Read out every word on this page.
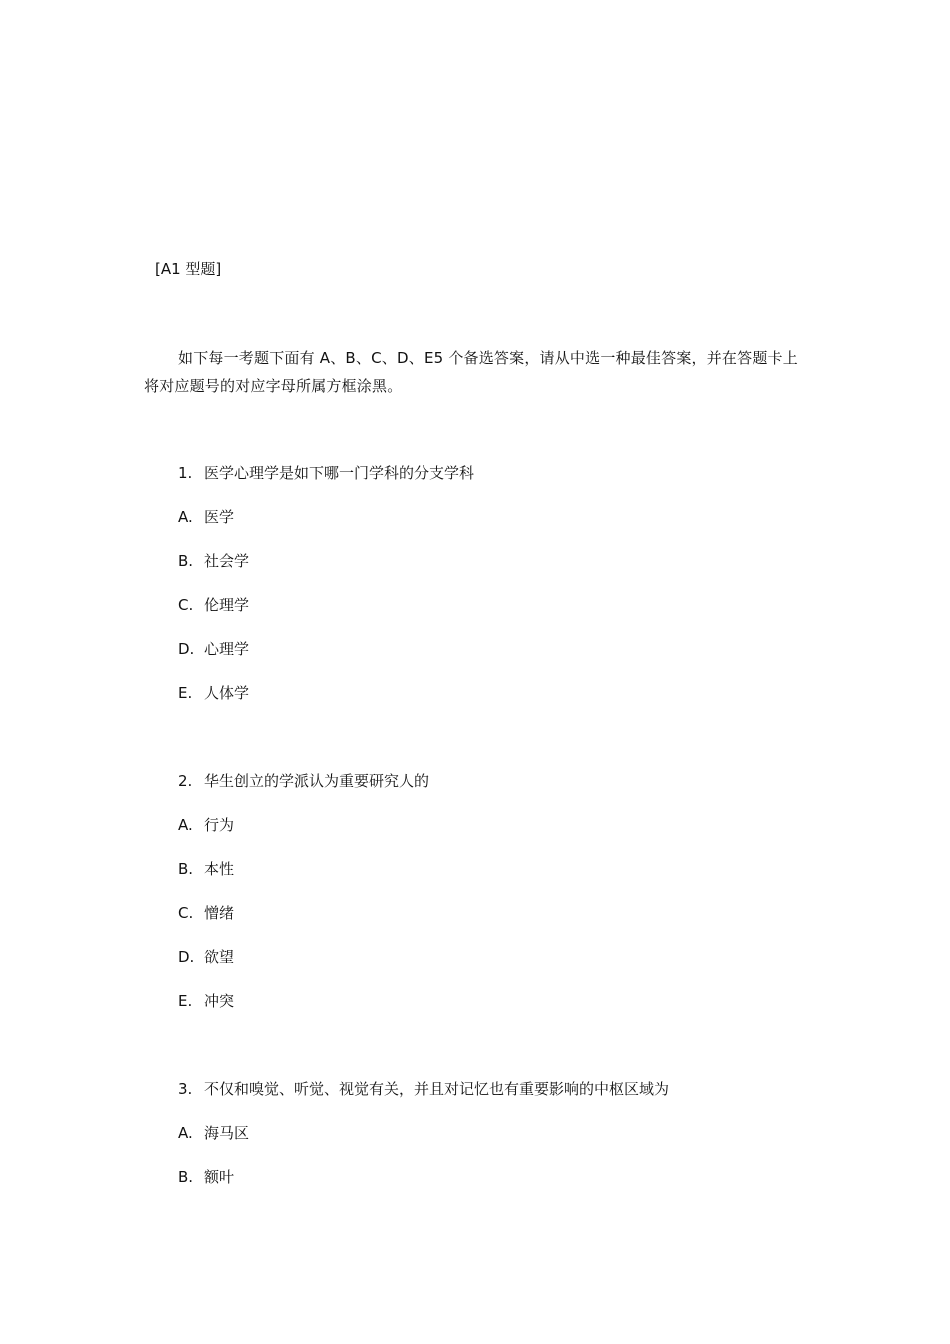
[A1 型题]
如下每一考题下面有 A、B、C、D、E5 个备选答案，请从中选一种最佳答案，并在答题卡上将对应题号的对应字母所属方框涂黑。
1. 医学心理学是如下哪一门学科的分支学科
A. 医学
B. 社会学
C. 伦理学
D. 心理学
E. 人体学
2. 华生创立的学派认为重要研究人的
A. 行为
B. 本性
C. 憎绪
D. 欲望
E. 冲突
3. 不仅和嗅觉、听觉、视觉有关，并且对记忆也有重要影响的中枢区域为
A. 海马区
B. 额叶
